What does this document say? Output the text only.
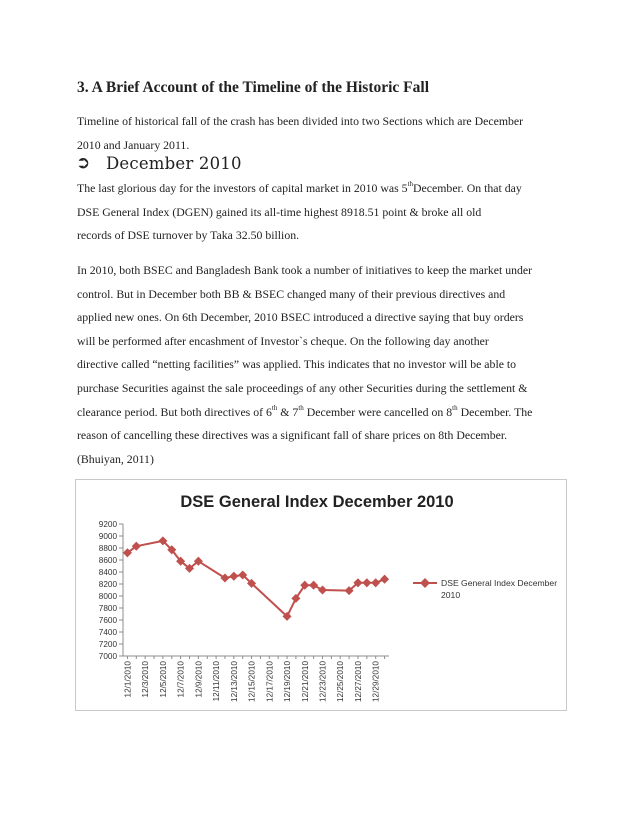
3. A Brief Account of the Timeline of the Historic Fall

Timeline of historical fall of the crash has been divided into two Sections which are December
2010 and January 2011.

➲ December 2010

The last glorious day for the investors of capital market in 2010 was 5thDecember. On that day
DSE General Index (DGEN) gained its all-time highest 8918.51 point & broke all old
records of DSE turnover by Taka 32.50 billion.

In 2010, both BSEC and Bangladesh Bank took a number of initiatives to keep the market under
control. But in December both BB & BSEC changed many of their previous directives and
applied new ones. On 6th December, 2010 BSEC introduced a directive saying that buy orders
will be performed after encashment of Investor`s cheque. On the following day another
directive called “netting facilities” was applied. This indicates that no investor will be able to
purchase Securities against the sale proceedings of any other Securities during the settlement &
clearance period. But both directives of 6th & 7th December were cancelled on 8th December. The
reason of cancelling these directives was a significant fall of share prices on 8th December.
(Bhuiyan, 2011)

DSE General Index December 2010
7000
7200
7400
7600
7800
8000
8200
8400
8600
8800
9000
9200
12/1/2010 12/3/2010 12/5/2010 12/7/2010 12/9/2010 12/11/2010 12/13/2010 12/15/2010 12/17/2010 12/19/2010 12/21/2010 12/23/2010 12/25/2010 12/27/2010 12/29/2010
DSE General Index December
2010
